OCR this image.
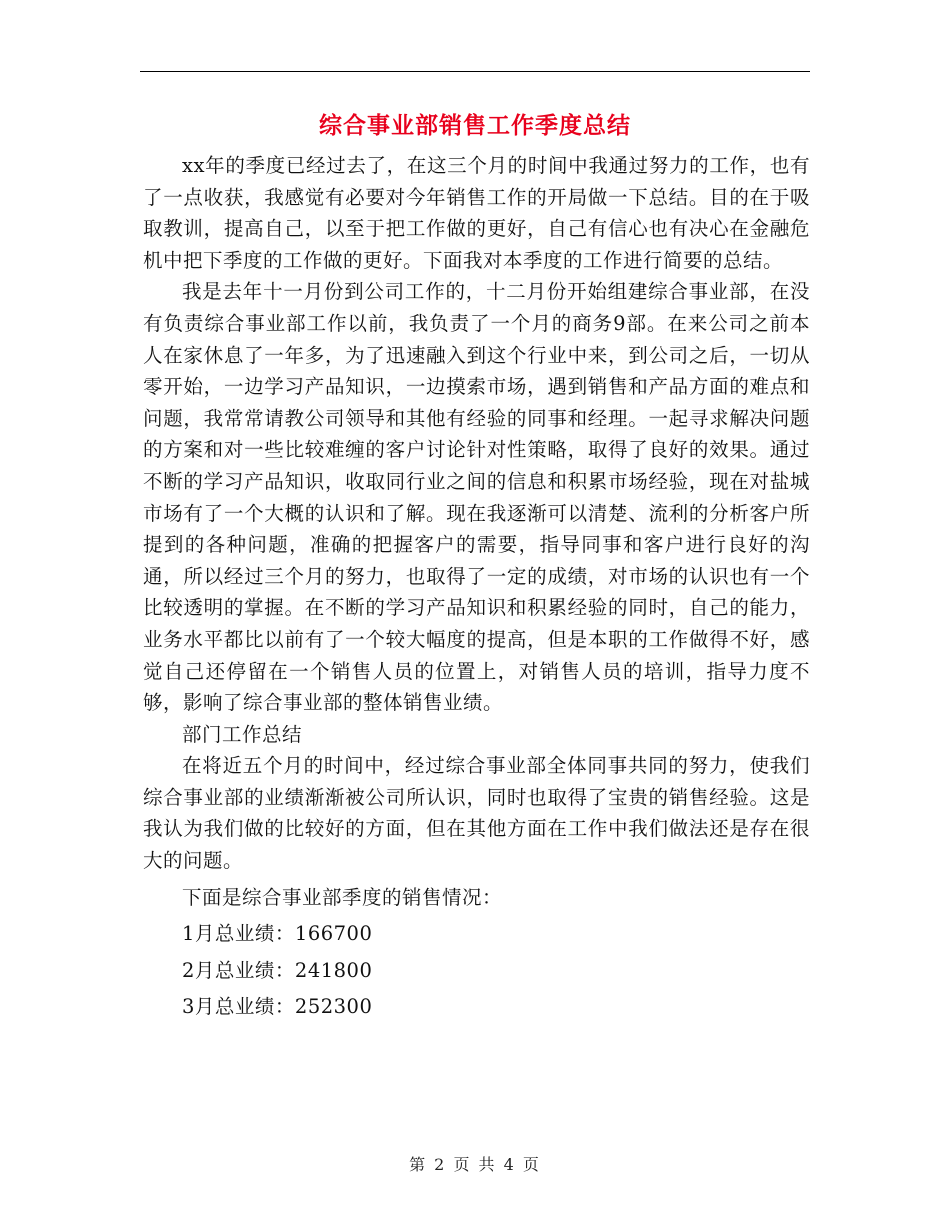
综合事业部销售工作季度总结

xx年的季度已经过去了，在这三个月的时间中我通过努力的工作，也有了一点收获，我感觉有必要对今年销售工作的开局做一下总结。目的在于吸取教训，提高自己，以至于把工作做的更好，自己有信心也有决心在金融危机中把下季度的工作做的更好。下面我对本季度的工作进行简要的总结。

我是去年十一月份到公司工作的，十二月份开始组建综合事业部，在没有负责综合事业部工作以前，我负责了一个月的商务9部。在来公司之前本人在家休息了一年多，为了迅速融入到这个行业中来，到公司之后，一切从零开始，一边学习产品知识，一边摸索市场，遇到销售和产品方面的难点和问题，我常常请教公司领导和其他有经验的同事和经理。一起寻求解决问题的方案和对一些比较难缠的客户讨论针对性策略，取得了良好的效果。通过不断的学习产品知识，收取同行业之间的信息和积累市场经验，现在对盐城市场有了一个大概的认识和了解。现在我逐渐可以清楚、流利的分析客户所提到的各种问题，准确的把握客户的需要，指导同事和客户进行良好的沟通，所以经过三个月的努力，也取得了一定的成绩，对市场的认识也有一个比较透明的掌握。在不断的学习产品知识和积累经验的同时，自己的能力，业务水平都比以前有了一个较大幅度的提高，但是本职的工作做得不好，感觉自己还停留在一个销售人员的位置上，对销售人员的培训，指导力度不够，影响了综合事业部的整体销售业绩。

部门工作总结

在将近五个月的时间中，经过综合事业部全体同事共同的努力，使我们综合事业部的业绩渐渐被公司所认识，同时也取得了宝贵的销售经验。这是我认为我们做的比较好的方面，但在其他方面在工作中我们做法还是存在很大的问题。

下面是综合事业部季度的销售情况：

1月总业绩：166700

2月总业绩：241800

3月总业绩：252300

第 2 页 共 4 页
